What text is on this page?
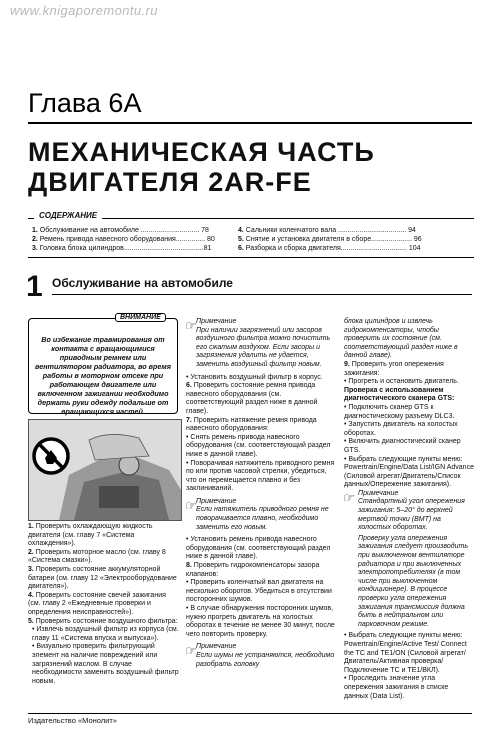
www.knigaporemontu.ru
Глава 6А
МЕХАНИЧЕСКАЯ ЧАСТЬ
ДВИГАТЕЛЯ 2AR-FE
СОДЕРЖАНИЕ
1. Обслуживание на автомобиле .............................. 78
2. Ремень привода навесного оборудования............... 80
3. Головка блока цилиндров.........................................81
4. Сальники коленчатого вала ................................... 94
5. Снятие и установка двигателя в сборе..................... 96
6. Разборка и сборка двигателя.................................. 104
1 Обслуживание на автомобиле
ВНИМАНИЕ
Во избежание травмирования от контакта с вращающимися приводным ремнем или вентилятором радиатора, во время работы в моторном отсеке при работающем двигателе или включенном зажигании необходимо держать руки одежду подальше от вращающихся частей.

1. Проверить охлаждающую жидкость двигателя (см. главу 7 «Система охлаждения»).

2. Проверить моторное масло (см. главу 8 «Система смазки»).

3. Проверить состояние аккумуляторной батареи (см. главу 12 «Электрооборудование двигателя»).

4. Проверить состояние свечей зажигания (см. главу 2 «Ежедневные проверки и определения неисправностей»).

5. Проверить состояние воздушного фильтра:

• Извлечь воздушный фильтр из корпуса (см. главу 11 «Система впуска и выпуска»).

• Визуально проверить фильтрующий элемент на наличие повреждений или загрязнений маслом. В случае необходимости заменить воздушный фильтр новым.

☞ Примечание
При наличии загрязнений или засоров воздушного фильтра можно почистить его сжатым воздухом. Если засоры и загрязнения удалить не удается, заменить воздушный фильтр новым.

• Установить воздушный фильтр в корпус.

6. Проверить состояние ремня привода навесного оборудования (см. соответствующий раздел ниже в данной главе).

7. Проверить натяжение ремня привода навесного оборудования:

• Снять ремень привода навесного оборудования (см. соответствующий раздел ниже в данной главе).

• Поворачивая натяжитель приводного ремня по или против часовой стрелки, убедиться, что он перемещается плавно и без заклиниваний.

☞ Примечание
Если натяжитель приводного ремня не поворачивается плавно, необходимо заменить его новым.

• Установить ремень привода навесного оборудования (см. соответствующий раздел ниже в данной главе).

8. Проверить гидрокомпенсаторы зазора клапанов:

• Проверить коленчатый вал двигателя на несколько оборотов. Убедиться в отсутствии посторонних шумов.

• В случае обнаружения посторонних шумов, нужно прогреть двигатель на холостых оборотах в течение не менее 30 минут, после чего повторить проверку.

☞ Примечание
Если шумы не устраняются, необходимо разобрать головку

блока цилиндров и извлечь гидрокомпенсаторы, чтобы проверить их состояние (см. соответствующий раздел ниже в данной главе).

9. Проверить угол опережения зажигания:

• Прогреть и остановить двигатель.

Проверка с использованием диагностического сканера GTS:

• Подключить сканер GTS к диагностическому разъему DLC3.

• Запустить двигатель на холостых оборотах.

• Включить диагностический сканер GTS.

• Выбрать следующие пункты меню: Powertrain/Engine/Data List/IGN Advance (Силовой агрегат/Двигатель/Список данных/Опережение зажигания).

☞ Примечание
Стандартный угол опережения зажигания: 5–20° до верхней мертвой точки (ВМТ) на холостых оборотах.
Проверку угла опережения зажигания следует производить при выключенном вентиляторе радиатора и при выключенных электропотребителях (в том числе при выключенном кондиционере). В процессе проверки угла опережения зажигания трансмиссия должна быть в нейтральном или парковочном режиме.

• Выбрать следующие пункты меню: Powertrain/Engine/Active Test/ Connect the TC and TE1/ON (Силовой агрегат/Двигатель/Активная проверка/ Подключение TC и TE1/ВКЛ).

• Проследить значение угла опережения зажигания в списке данных (Data List).

Издательство «Монолит»
